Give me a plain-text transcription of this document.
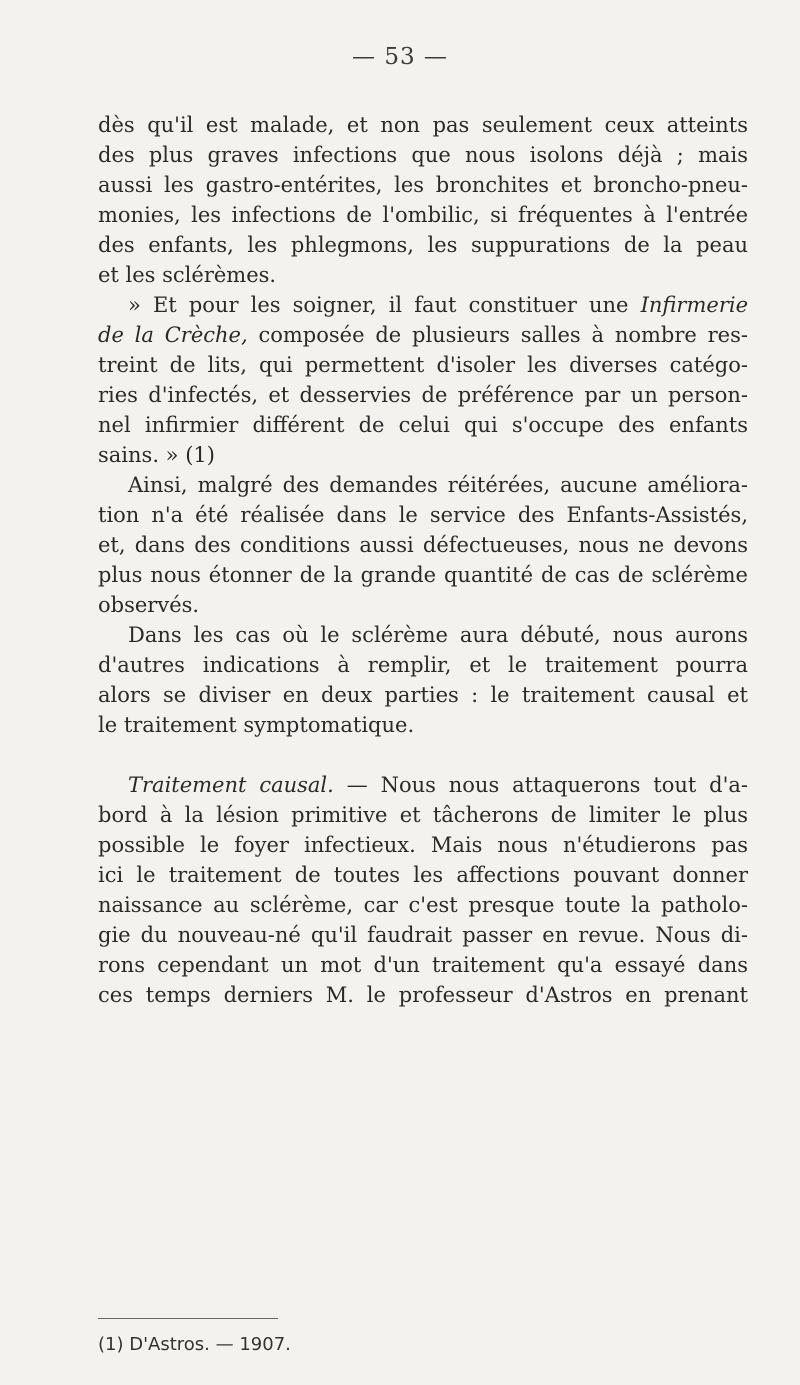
— 53 —
dès qu'il est malade, et non pas seulement ceux atteints
des plus graves infections que nous isolons déjà ; mais
aussi les gastro-entérites, les bronchites et broncho-pneu-
monies, les infections de l'ombilic, si fréquentes à l'entrée
des enfants, les phlegmons, les suppurations de la peau
et les sclérèmes.
» Et pour les soigner, il faut constituer une Infirmerie
de la Crèche, composée de plusieurs salles à nombre res-
treint de lits, qui permettent d'isoler les diverses catégo-
ries d'infectés, et desservies de préférence par un person-
nel infirmier différent de celui qui s'occupe des enfants
sains. » (1)
Ainsi, malgré des demandes réitérées, aucune améliora-
tion n'a été réalisée dans le service des Enfants-Assistés,
et, dans des conditions aussi défectueuses, nous ne devons
plus nous étonner de la grande quantité de cas de sclérème
observés.
Dans les cas où le sclérème aura débuté, nous aurons
d'autres indications à remplir, et le traitement pourra
alors se diviser en deux parties : le traitement causal et
le traitement symptomatique.
Traitement causal. — Nous nous attaquerons tout d'a-
bord à la lésion primitive et tâcherons de limiter le plus
possible le foyer infectieux. Mais nous n'étudierons pas
ici le traitement de toutes les affections pouvant donner
naissance au sclérème, car c'est presque toute la patholo-
gie du nouveau-né qu'il faudrait passer en revue. Nous di-
rons cependant un mot d'un traitement qu'a essayé dans
ces temps derniers M. le professeur d'Astros en prenant
(1) D'Astros. — 1907.
